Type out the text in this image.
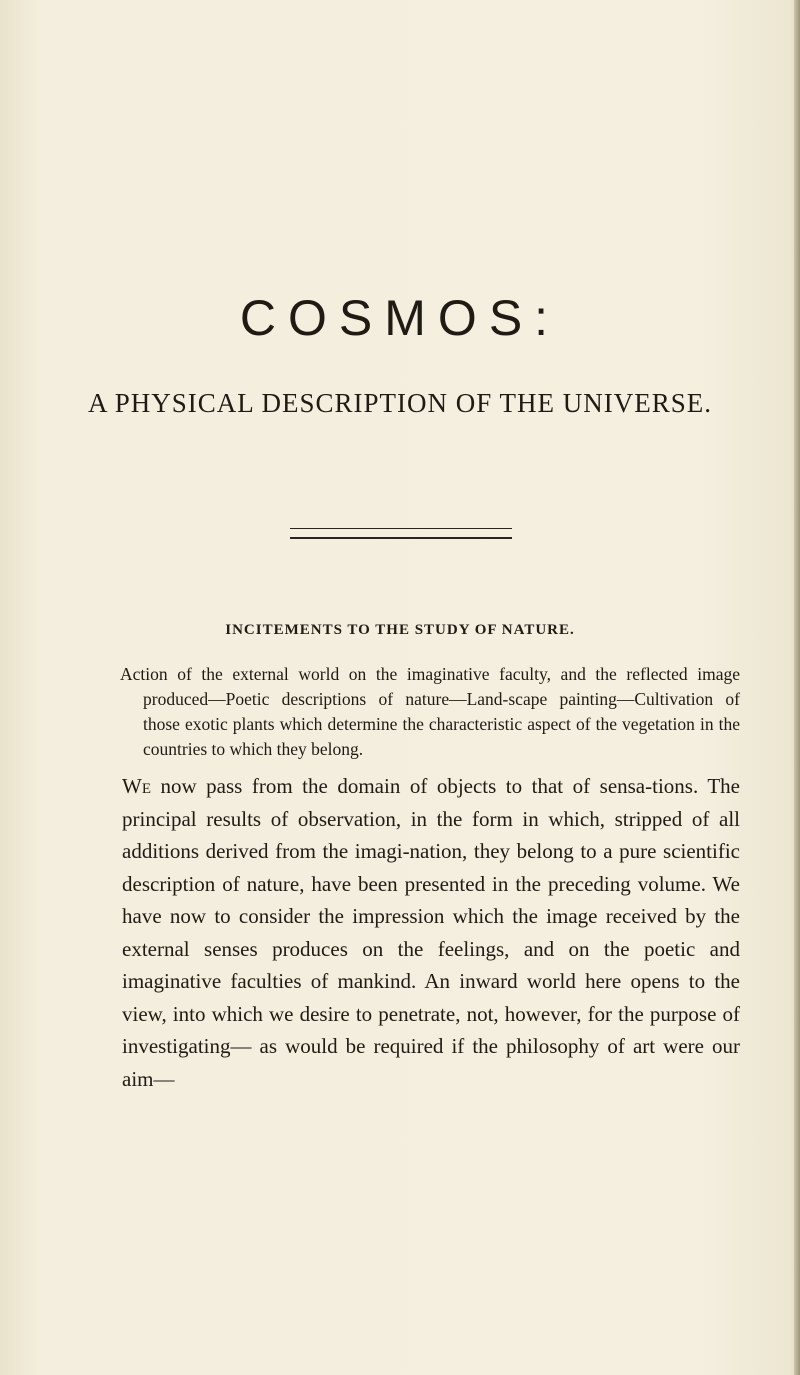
COSMOS:
A PHYSICAL DESCRIPTION OF THE UNIVERSE.
INCITEMENTS TO THE STUDY OF NATURE.

Action of the external world on the imaginative faculty, and the reflected image produced—Poetic descriptions of nature—Land-scape painting—Cultivation of those exotic plants which determine the characteristic aspect of the vegetation in the countries to which they belong.

We now pass from the domain of objects to that of sensa-tions. The principal results of observation, in the form in which, stripped of all additions derived from the imagi-nation, they belong to a pure scientific description of nature, have been presented in the preceding volume. We have now to consider the impression which the image received by the external senses produces on the feelings, and on the poetic and imaginative faculties of mankind. An inward world here opens to the view, into which we desire to penetrate, not, however, for the purpose of investigating— as would be required if the philosophy of art were our aim—
